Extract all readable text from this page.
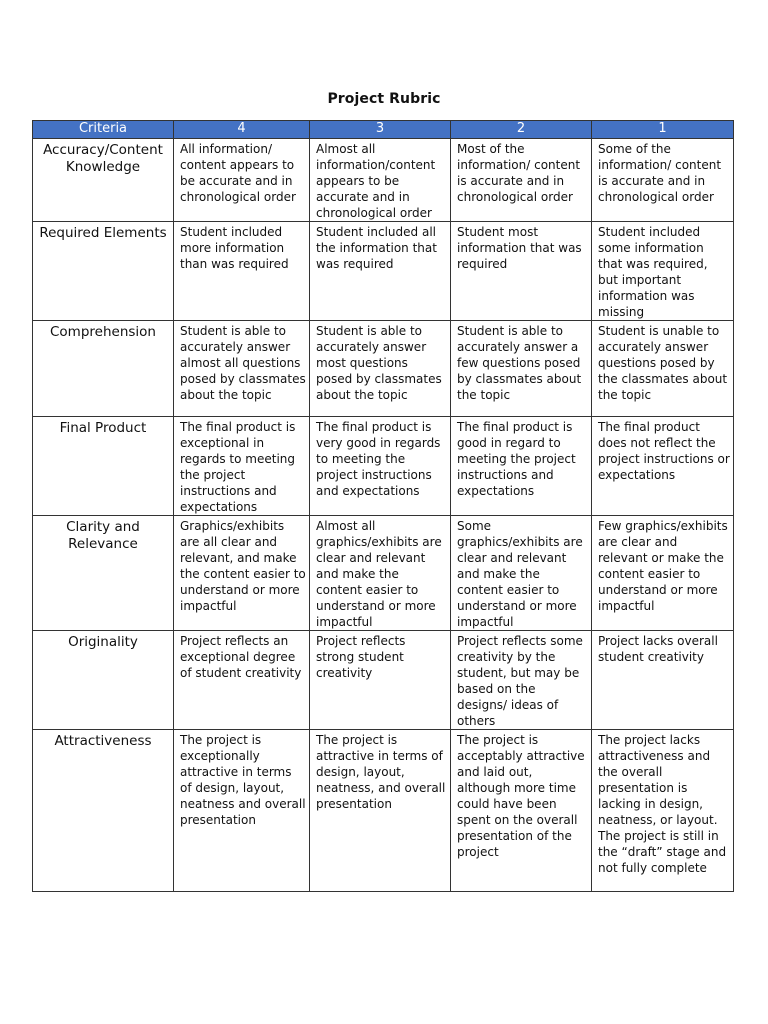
Project Rubric
Criteria	4	3	2	1
Accuracy/Content Knowledge	All information/ content appears to be accurate and in chronological order	Almost all information/content appears to be accurate and in chronological order	Most of the information/ content is accurate and in chronological order	Some of the information/ content is accurate and in chronological order
Required Elements	Student included more information than was required	Student included all the information that was required	Student most information that was required	Student included some information that was required, but important information was missing
Comprehension	Student is able to accurately answer almost all questions posed by classmates about the topic	Student is able to accurately answer most questions posed by classmates about the topic	Student is able to accurately answer a few questions posed by classmates about the topic	Student is unable to accurately answer questions posed by the classmates about the topic
Final Product	The final product is exceptional in regards to meeting the project instructions and expectations	The final product is very good in regards to meeting the project instructions and expectations	The final product is good in regard to meeting the project instructions and expectations	The final product does not reflect the project instructions or expectations
Clarity and Relevance	Graphics/exhibits are all clear and relevant, and make the content easier to understand or more impactful	Almost all graphics/exhibits are clear and relevant and make the content easier to understand or more impactful	Some graphics/exhibits are clear and relevant and make the content easier to understand or more impactful	Few graphics/exhibits are clear and relevant or make the content easier to understand or more impactful
Originality	Project reflects an exceptional degree of student creativity	Project reflects strong student creativity	Project reflects some creativity by the student, but may be based on the designs/ ideas of others	Project lacks overall student creativity
Attractiveness	The project is exceptionally attractive in terms of design, layout, neatness and overall presentation	The project is attractive in terms of design, layout, neatness, and overall presentation	The project is acceptably attractive and laid out, although more time could have been spent on the overall presentation of the project	The project lacks attractiveness and the overall presentation is lacking in design, neatness, or layout. The project is still in the “draft” stage and not fully complete
